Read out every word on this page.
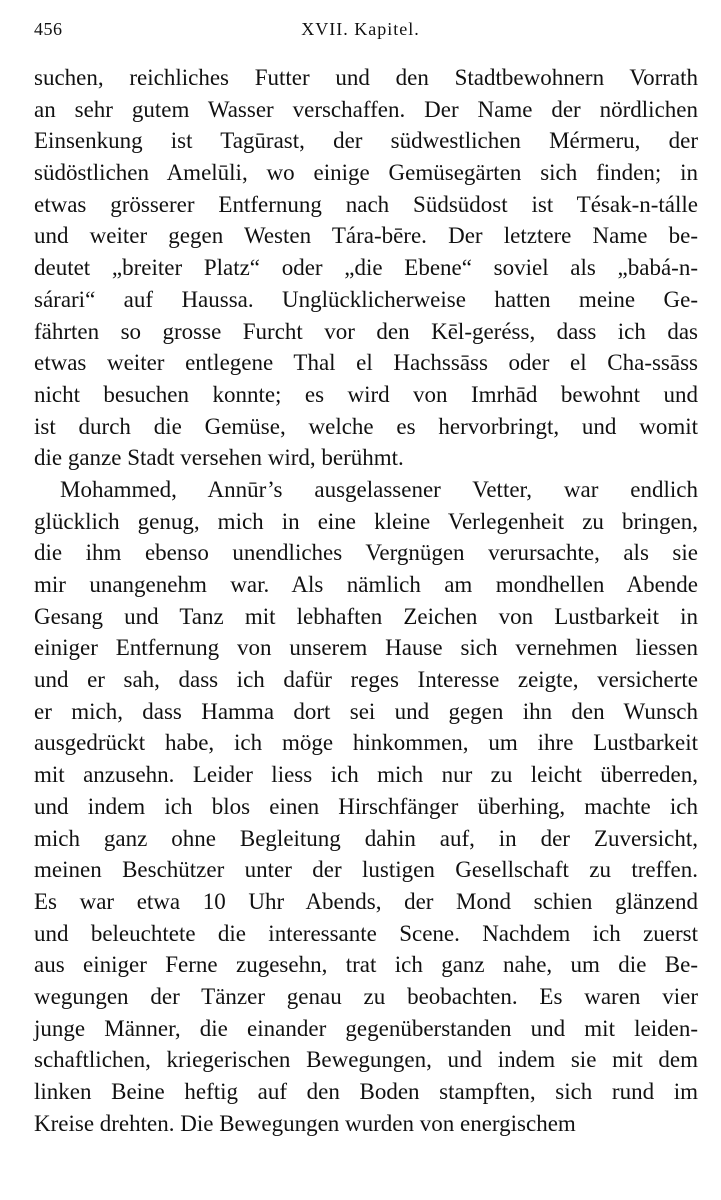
456	XVII. Kapitel.
suchen, reichliches Futter und den Stadtbewohnern Vorrath
an sehr gutem Wasser verschaffen. Der Name der nördlichen
Einsenkung ist Tagūrast, der südwestlichen Mérmeru, der
südöstlichen Amelūli, wo einige Gemüsegärten sich finden; in
etwas grösserer Entfernung nach Südsüdost ist Tésak-n-tálle
und weiter gegen Westen Tára-bēre. Der letztere Name be-
deutet „breiter Platz“ oder „die Ebene“ soviel als „babá-n-
sárari“ auf Haussa. Unglücklicherweise hatten meine Ge-
fährten so grosse Furcht vor den Kēl-geréss, dass ich das
etwas weiter entlegene Thal el Hachssāss oder el Cha-ssāss
nicht besuchen konnte; es wird von Imrhād bewohnt und
ist durch die Gemüse, welche es hervorbringt, und womit
die ganze Stadt versehen wird, berühmt.
Mohammed, Annūr’s ausgelassener Vetter, war endlich
glücklich genug, mich in eine kleine Verlegenheit zu bringen,
die ihm ebenso unendliches Vergnügen verursachte, als sie
mir unangenehm war. Als nämlich am mondhellen Abende
Gesang und Tanz mit lebhaften Zeichen von Lustbarkeit in
einiger Entfernung von unserem Hause sich vernehmen liessen
und er sah, dass ich dafür reges Interesse zeigte, versicherte
er mich, dass Hamma dort sei und gegen ihn den Wunsch
ausgedrückt habe, ich möge hinkommen, um ihre Lustbarkeit
mit anzusehn. Leider liess ich mich nur zu leicht überreden,
und indem ich blos einen Hirschfänger überhing, machte ich
mich ganz ohne Begleitung dahin auf, in der Zuversicht,
meinen Beschützer unter der lustigen Gesellschaft zu treffen.
Es war etwa 10 Uhr Abends, der Mond schien glänzend
und beleuchtete die interessante Scene. Nachdem ich zuerst
aus einiger Ferne zugesehn, trat ich ganz nahe, um die Be-
wegungen der Tänzer genau zu beobachten. Es waren vier
junge Männer, die einander gegenüberstanden und mit leiden-
schaftlichen, kriegerischen Bewegungen, und indem sie mit dem
linken Beine heftig auf den Boden stampften, sich rund im
Kreise drehten. Die Bewegungen wurden von energischem
